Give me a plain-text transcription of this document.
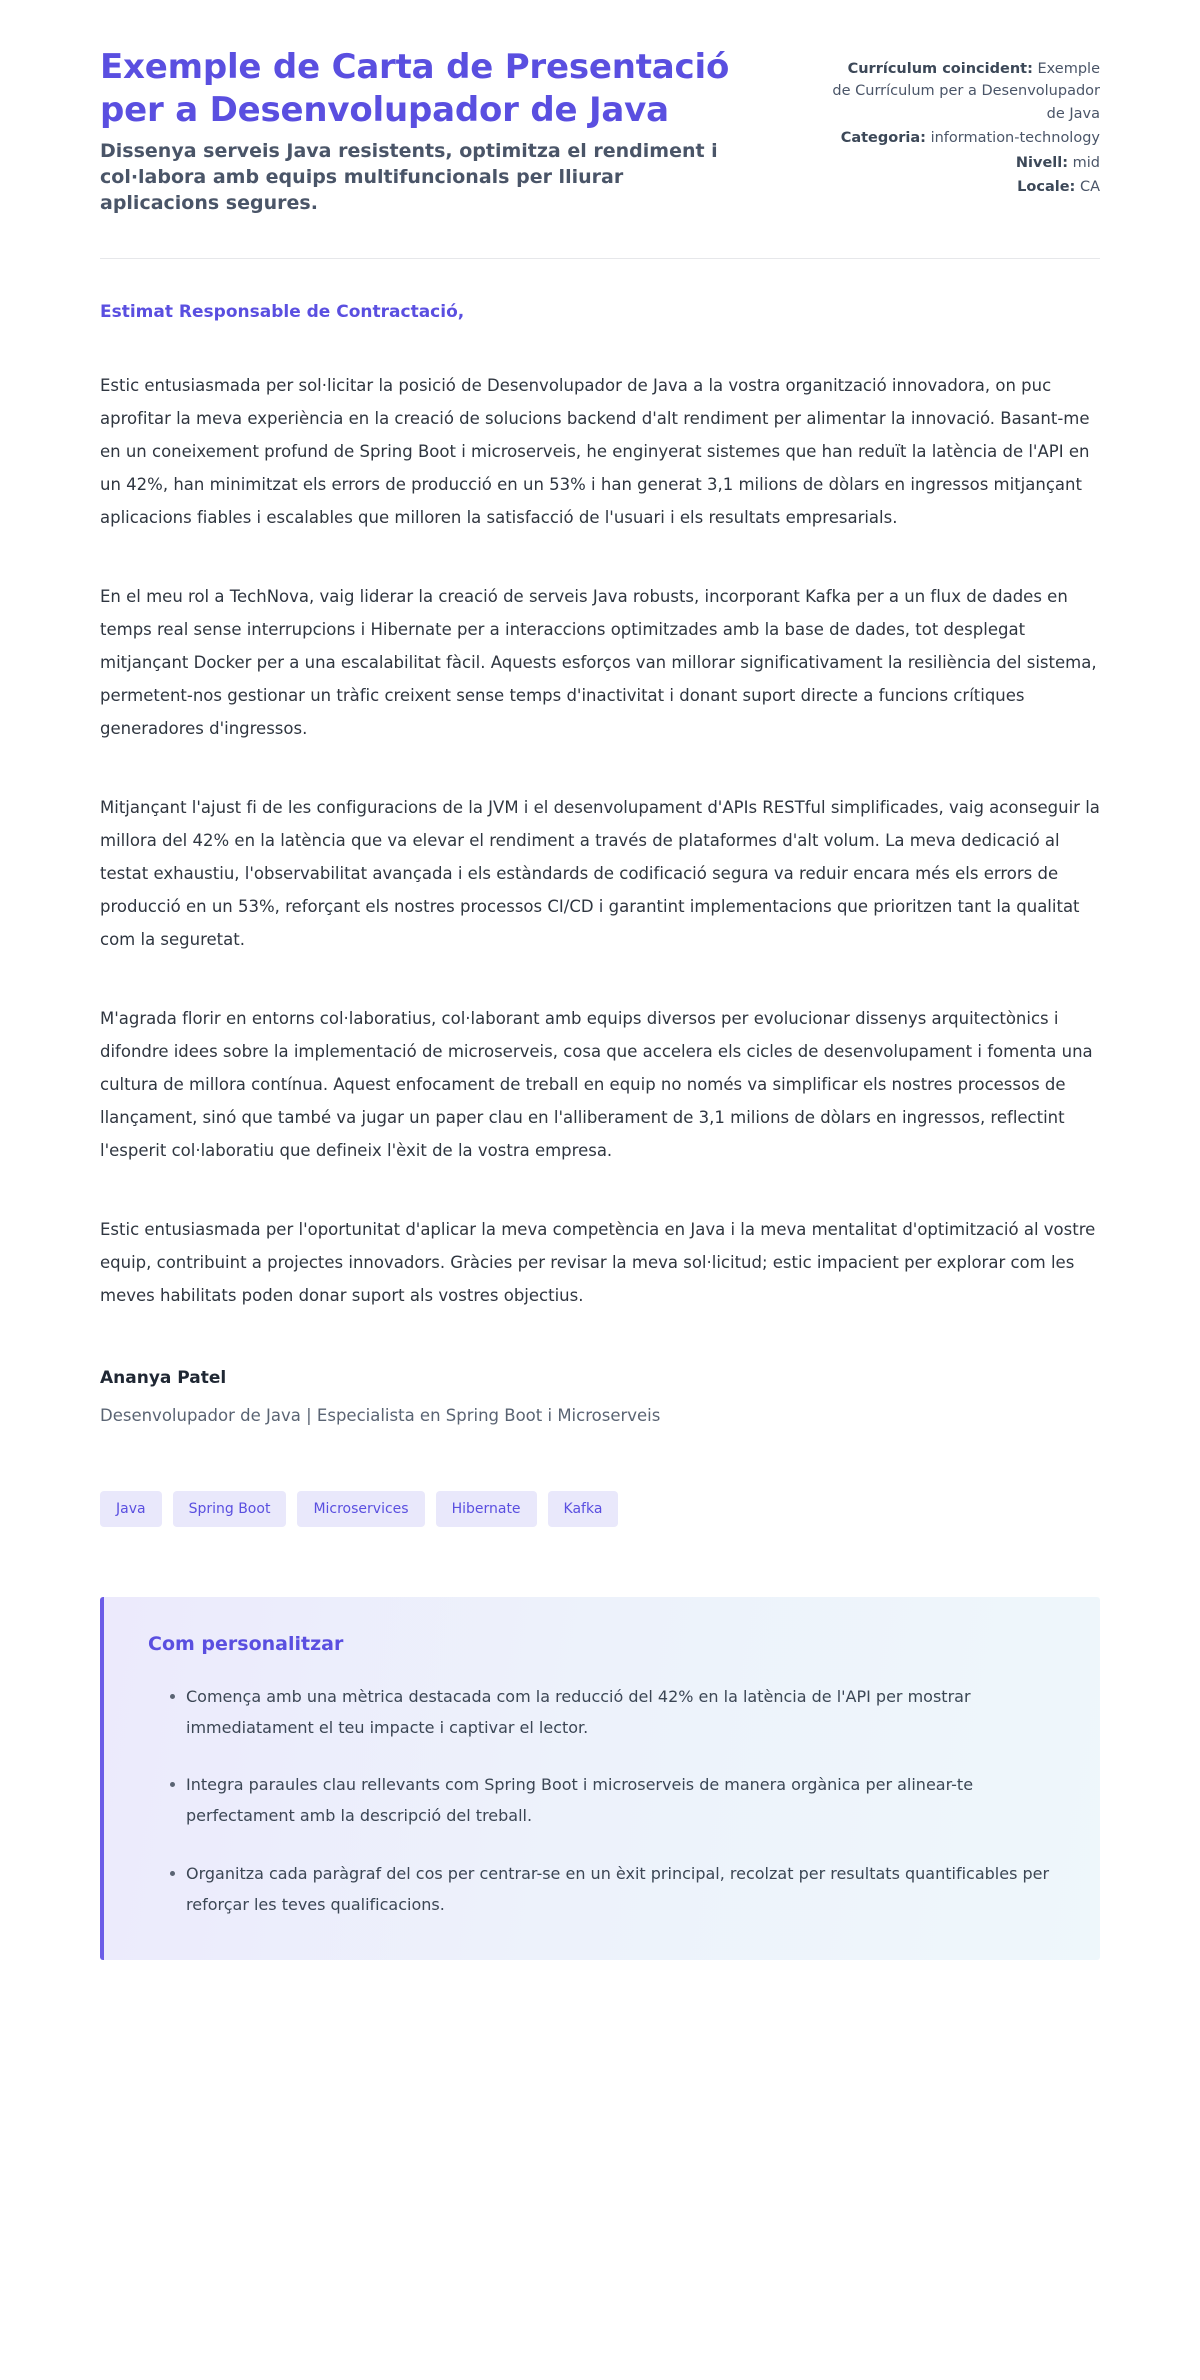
Exemple de Carta de Presentació per a Desenvolupador de Java

Dissenya serveis Java resistents, optimitza el rendiment i col·labora amb equips multifuncionals per lliurar aplicacions segures.

Currículum coincident: Exemple de Currículum per a Desenvolupador de Java
Categoria: information-technology
Nivell: mid
Locale: CA

Estimat Responsable de Contractació,

Estic entusiasmada per sol·licitar la posició de Desenvolupador de Java a la vostra organització innovadora, on puc aprofitar la meva experiència en la creació de solucions backend d'alt rendiment per alimentar la innovació. Basant-me en un coneixement profund de Spring Boot i microserveis, he enginyerat sistemes que han reduït la latència de l'API en un 42%, han minimitzat els errors de producció en un 53% i han generat 3,1 milions de dòlars en ingressos mitjançant aplicacions fiables i escalables que milloren la satisfacció de l'usuari i els resultats empresarials.

En el meu rol a TechNova, vaig liderar la creació de serveis Java robusts, incorporant Kafka per a un flux de dades en temps real sense interrupcions i Hibernate per a interaccions optimitzades amb la base de dades, tot desplegat mitjançant Docker per a una escalabilitat fàcil. Aquests esforços van millorar significativament la resiliència del sistema, permetent-nos gestionar un tràfic creixent sense temps d'inactivitat i donant suport directe a funcions crítiques generadores d'ingressos.

Mitjançant l'ajust fi de les configuracions de la JVM i el desenvolupament d'APIs RESTful simplificades, vaig aconseguir la millora del 42% en la latència que va elevar el rendiment a través de plataformes d'alt volum. La meva dedicació al testat exhaustiu, l'observabilitat avançada i els estàndards de codificació segura va reduir encara més els errors de producció en un 53%, reforçant els nostres processos CI/CD i garantint implementacions que prioritzen tant la qualitat com la seguretat.

M'agrada florir en entorns col·laboratius, col·laborant amb equips diversos per evolucionar dissenys arquitectònics i difondre idees sobre la implementació de microserveis, cosa que accelera els cicles de desenvolupament i fomenta una cultura de millora contínua. Aquest enfocament de treball en equip no només va simplificar els nostres processos de llançament, sinó que també va jugar un paper clau en l'alliberament de 3,1 milions de dòlars en ingressos, reflectint l'esperit col·laboratiu que defineix l'èxit de la vostra empresa.

Estic entusiasmada per l'oportunitat d'aplicar la meva competència en Java i la meva mentalitat d'optimització al vostre equip, contribuint a projectes innovadors. Gràcies per revisar la meva sol·licitud; estic impacient per explorar com les meves habilitats poden donar suport als vostres objectius.

Ananya Patel

Desenvolupador de Java | Especialista en Spring Boot i Microserveis

Java	Spring Boot	Microservices	Hibernate	Kafka
Com personalitzar
Comença amb una mètrica destacada com la reducció del 42% en la latència de l'API per mostrar immediatament el teu impacte i captivar el lector.
Integra paraules clau rellevants com Spring Boot i microserveis de manera orgànica per alinear-te perfectament amb la descripció del treball.
Organitza cada paràgraf del cos per centrar-se en un èxit principal, recolzat per resultats quantificables per reforçar les teves qualificacions.
